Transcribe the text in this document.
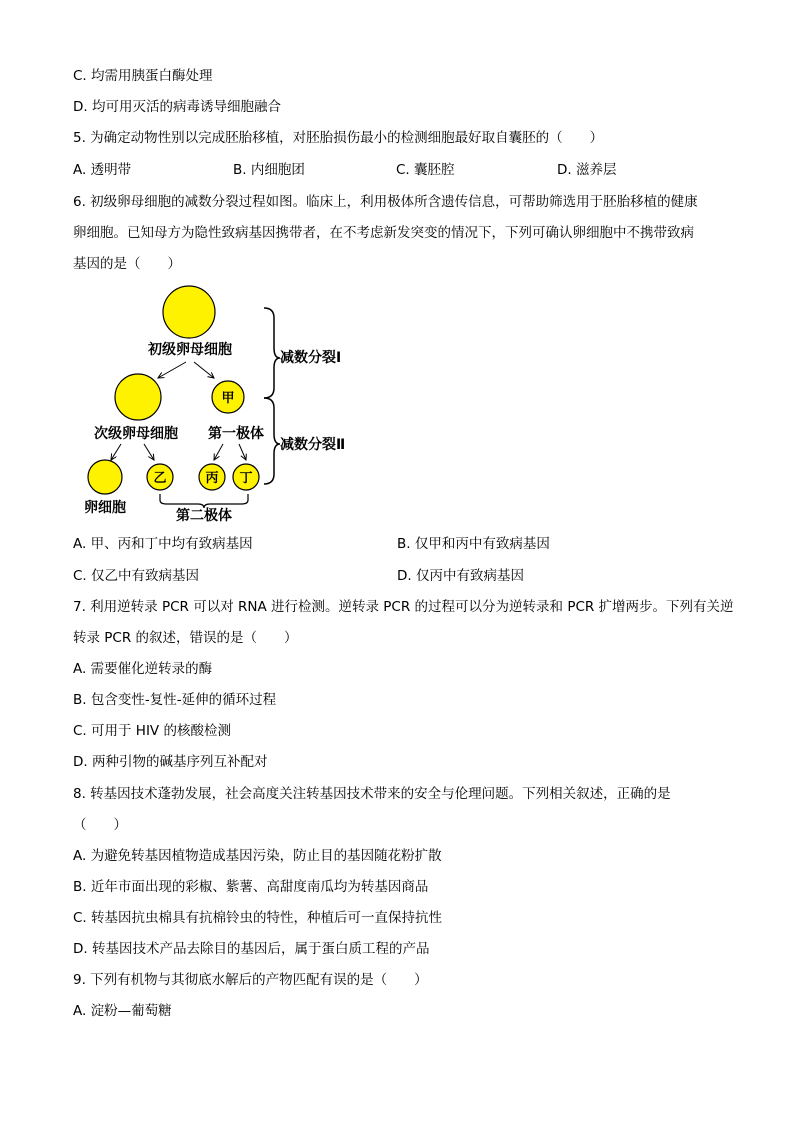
C. 均需用胰蛋白酶处理
D. 均可用灭活的病毒诱导细胞融合
5. 为确定动物性别以完成胚胎移植，对胚胎损伤最小的检测细胞最好取自囊胚的（　　）
A. 透明带	B. 内细胞团	C. 囊胚腔	D. 滋养层
6. 初级卵母细胞的减数分裂过程如图。临床上，利用极体所含遗传信息，可帮助筛选用于胚胎移植的健康
卵细胞。已知母方为隐性致病基因携带者，在不考虑新发突变的情况下，下列可确认卵细胞中不携带致病
基因的是（　　）
初级卵母细胞
甲
次级卵母细胞 第一极体
卵细胞
乙	丙 丁
第二极体
减数分裂Ⅰ
减数分裂Ⅱ
A. 甲、丙和丁中均有致病基因	B. 仅甲和丙中有致病基因
C. 仅乙中有致病基因	D. 仅丙中有致病基因
7. 利用逆转录 PCR 可以对 RNA 进行检测。逆转录 PCR 的过程可以分为逆转录和 PCR 扩增两步。下列有关逆
转录 PCR 的叙述，错误的是（　　）
A. 需要催化逆转录的酶
B. 包含变性-复性-延伸的循环过程
C. 可用于 HIV 的核酸检测
D. 两种引物的碱基序列互补配对
8. 转基因技术蓬勃发展，社会高度关注转基因技术带来的安全与伦理问题。下列相关叙述，正确的是
（　　）
A. 为避免转基因植物造成基因污染，防止目的基因随花粉扩散
B. 近年市面出现的彩椒、紫薯、高甜度南瓜均为转基因商品
C. 转基因抗虫棉具有抗棉铃虫的特性，种植后可一直保持抗性
D. 转基因技术产品去除目的基因后，属于蛋白质工程的产品
9. 下列有机物与其彻底水解后的产物匹配有误的是（　　）
A. 淀粉—葡萄糖
